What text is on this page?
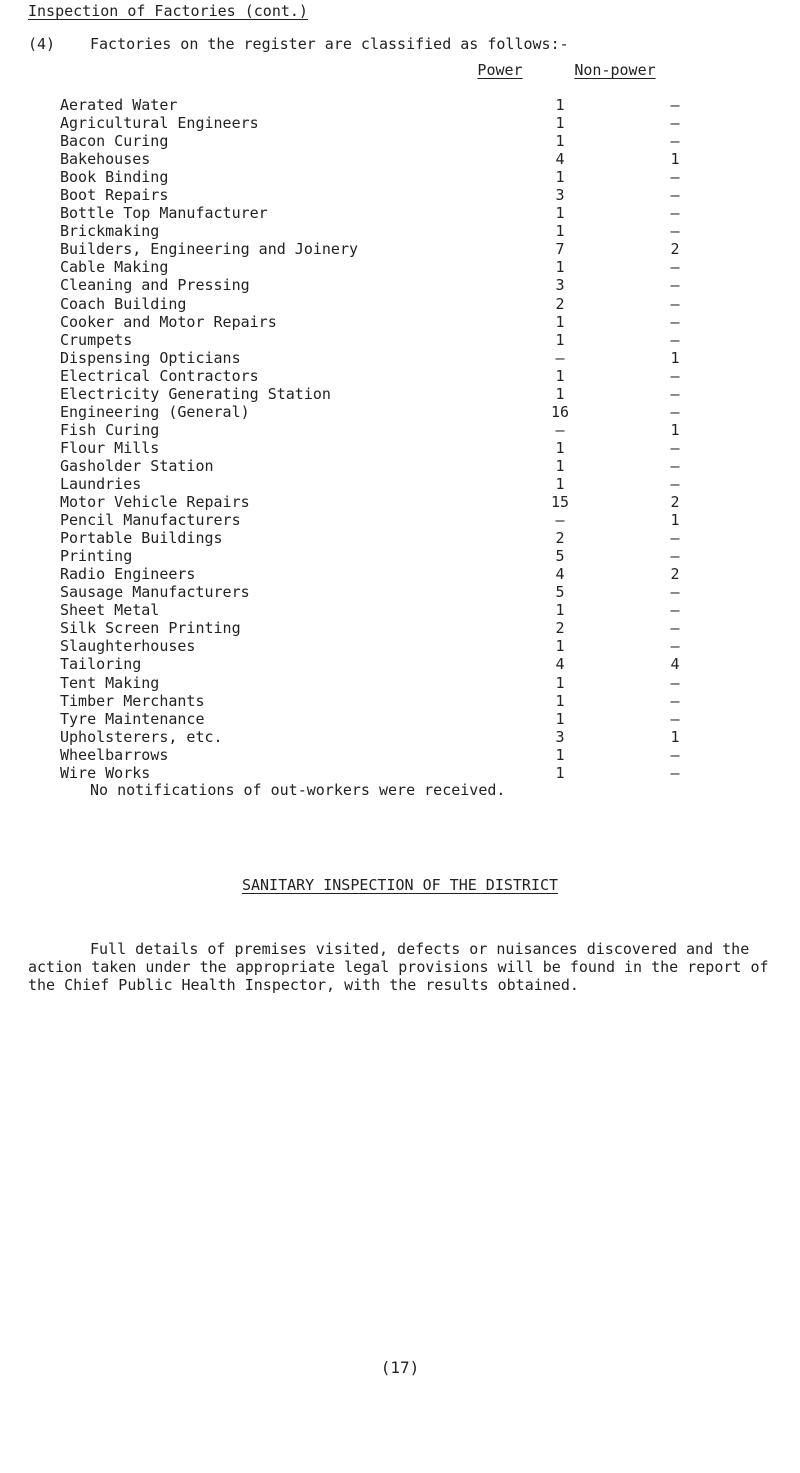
Inspection of Factories (cont.)
(4) Factories on the register are classified as follows:-
Power	Non-power
Aerated Water	1	—
Agricultural Engineers	1	—
Bacon Curing	1	—
Bakehouses	4	1
Book Binding	1	—
Boot Repairs	3	—
Bottle Top Manufacturer	1	—
Brickmaking	1	—
Builders, Engineering and Joinery	7	2
Cable Making	1	—
Cleaning and Pressing	3	—
Coach Building	2	—
Cooker and Motor Repairs	1	—
Crumpets	1	—
Dispensing Opticians	—	1
Electrical Contractors	1	—
Electricity Generating Station	1	—
Engineering (General)	16	—
Fish Curing	—	1
Flour Mills	1	—
Gasholder Station	1	—
Laundries	1	—
Motor Vehicle Repairs	15	2
Pencil Manufacturers	—	1
Portable Buildings	2	—
Printing	5	—
Radio Engineers	4	2
Sausage Manufacturers	5	—
Sheet Metal	1	—
Silk Screen Printing	2	—
Slaughterhouses	1	—
Tailoring	4	4
Tent Making	1	—
Timber Merchants	1	—
Tyre Maintenance	1	—
Upholsterers, etc.	3	1
Wheelbarrows	1	—
Wire Works	1	—
No notifications of out-workers were received.
SANITARY INSPECTION OF THE DISTRICT

Full details of premises visited, defects or nuisances discovered and the action taken under the appropriate legal provisions will be found in the report of the Chief Public Health Inspector, with the results obtained.

(17)
